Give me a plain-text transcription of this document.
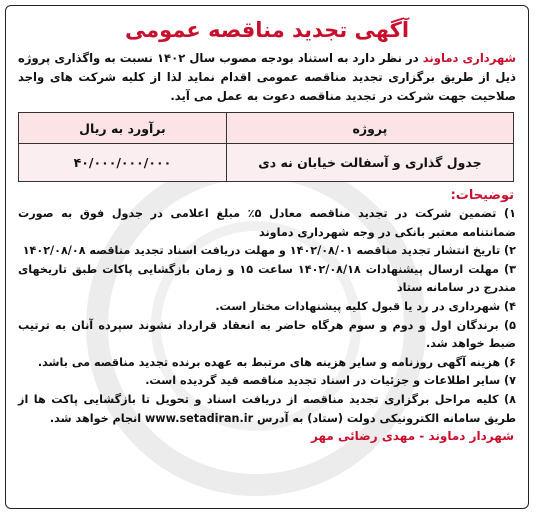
آگهی تجدید مناقصه عمومی
شهرداری دماوند در نظر دارد به استناد بودجه مصوب سال ۱۴۰۲ نسبت به واگذاری پروژه ذیل از طریق برگزاری تجدید مناقصه عمومی اقدام نماید لذا از کلیه شرکت های واجد صلاحیت جهت شرکت در تجدید مناقصه دعوت به عمل می آید.
پروژه	برآورد به ریال
جدول گذاری و آسفالت خیابان نه دی	۴۰/۰۰۰/۰۰۰/۰۰۰
توضیحات:
۱) تضمین شرکت در تجدید مناقصه معادل ۵٪ مبلغ اعلامی در جدول فوق به صورت ضمانتنامه معتبر بانکی در وجه شهرداری دماوند
۲) تاریخ انتشار تجدید مناقصه ۱۴۰۲/۰۸/۰۱ و مهلت دریافت اسناد تجدید مناقصه ۱۴۰۲/۰۸/۰۸
۳) مهلت ارسال پیشنهادات ۱۴۰۲/۰۸/۱۸ ساعت ۱۵ و زمان بازگشایی پاکات طبق تاریخهای مندرج در سامانه ستاد
۴) شهرداری در رد یا قبول کلیه پیشنهادات مختار است.
۵) برندگان اول و دوم و سوم هرگاه حاضر به انعقاد قرارداد نشوند سپرده آنان به ترتیب ضبط خواهد شد.
۶) هزینه آگهی روزنامه و سایر هزینه های مرتبط به عهده برنده تجدید مناقصه می باشد.
۷) سایر اطلاعات و جزئیات در اسناد تجدید مناقصه قید گردیده است.
۸) کلیه مراحل برگزاری تجدید مناقصه از دریافت اسناد و تحویل تا بازگشایی پاکت ها از طریق سامانه الکترونیکی دولت (ستاد) به آدرس www.setadiran.ir انجام خواهد شد.
شهردار دماوند - مهدی رضائی مهر
